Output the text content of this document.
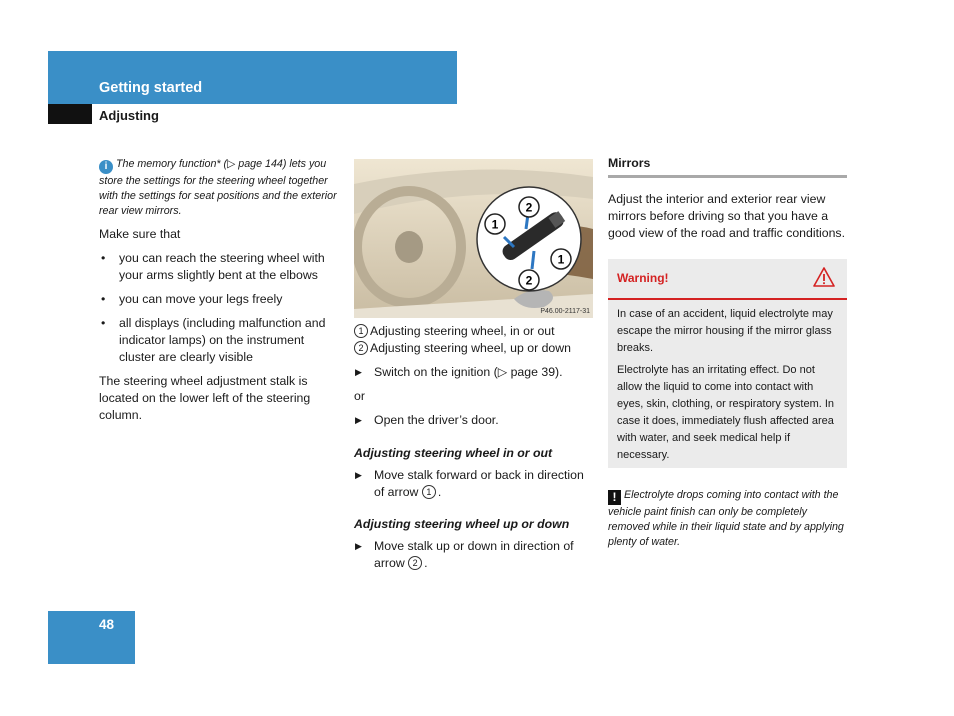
Getting started
Adjusting

i The memory function* (▷ page 144) lets you store the settings for the steering wheel together with the settings for seat positions and the exterior rear view mirrors.

Make sure that

• you can reach the steering wheel with your arms slightly bent at the elbows
• you can move your legs freely
• all displays (including malfunction and indicator lamps) on the instrument cluster are clearly visible

The steering wheel adjustment stalk is located on the lower left of the steering column.

1
2
1
2
P46.00-2117-31
1 Adjusting steering wheel, in or out
2 Adjusting steering wheel, up or down

▶ Switch on the ignition (▷ page 39).

or

▶ Open the driver’s door.

Adjusting steering wheel in or out

▶ Move stalk forward or back in direction of arrow 1 .

Adjusting steering wheel up or down

▶ Move stalk up or down in direction of arrow 2 .

Mirrors

Adjust the interior and exterior rear view mirrors before driving so that you have a good view of the road and traffic conditions.

Warning!

In case of an accident, liquid electrolyte may escape the mirror housing if the mirror glass breaks.

Electrolyte has an irritating effect. Do not allow the liquid to come into contact with eyes, skin, clothing, or respiratory system. In case it does, immediately flush affected area with water, and seek medical help if necessary.

! Electrolyte drops coming into contact with the vehicle paint finish can only be completely removed while in their liquid state and by applying plenty of water.

48
